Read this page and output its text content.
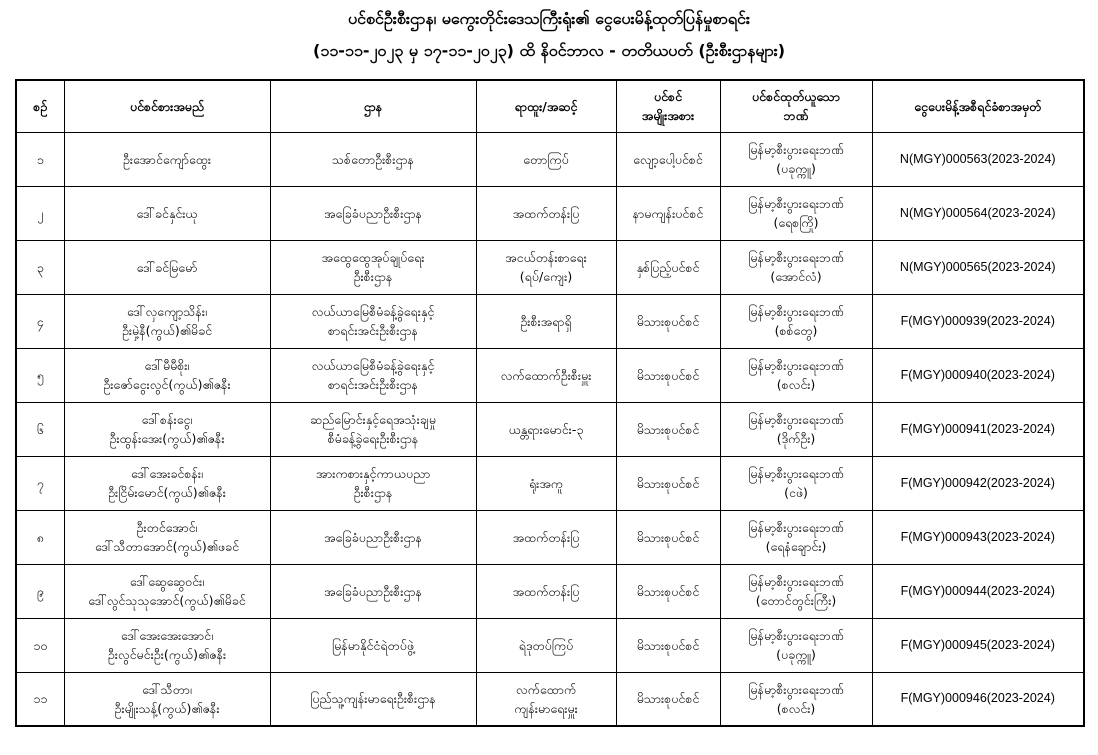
ပင်စင်ဦးစီးဌာန၊ မကွေးတိုင်းဒေသကြီးရုံး၏ ငွေပေးမိန့်ထုတ်ပြန်မှုစာရင်း
(၁၁-၁၁-၂၀၂၃ မှ ၁၇-၁၁-၂၀၂၃) ထိ နိဝင်ဘာလ - တတိယပတ် (ဦးစီးဌာနများ)
စဉ်	ပင်စင်စားအမည်	ဌာန	ရာထူး/အဆင့်	ပင်စင်
အမျိုးအစား	ပင်စင်ထုတ်ယူသော
ဘဏ်	ငွေပေးမိန့်အစီရင်ခံစာအမှတ်

၁	ဦးအောင်ကျော်ထွေး	သစ်တောဦးစီးဌာန	တောကြပ်	လျော့ပေါ့ပင်စင်	မြန်မာ့စီးပွားရေးဘဏ်
(ပခုက္ကူ)	N(MGY)000563(2023-2024)

၂	ဒေါ်ခင်နှင်းယု	အခြေခံပညာဦးစီးဌာန	အထက်တန်းပြ	နာမကျန်းပင်စင်	မြန်မာ့စီးပွားရေးဘဏ်
(ရေစကြို)	N(MGY)000564(2023-2024)

၃	ဒေါ်ခင်မြမော်	အထွေထွေအုပ်ချုပ်ရေး
ဦးစီးဌာန	အငယ်တန်းစာရေး
(ရပ်/ကျေး)	နှစ်ပြည့်ပင်စင်	မြန်မာ့စီးပွားရေးဘဏ်
(အောင်လံ)	N(MGY)000565(2023-2024)

၄	ဒေါ်လှကျော့သိန်း၊
ဦးမှဲ့နီ(ကွယ်)၏မိခင်	လယ်ယာမြေစီမံခန့်ခွဲရေးနှင့်
စာရင်းအင်းဦးစီးဌာန	ဦးစီးအရာရှိ	မိသားစုပင်စင်	မြန်မာ့စီးပွားရေးဘဏ်
(စစ်တွေ)	F(MGY)000939(2023-2024)

၅	ဒေါ်မီမီစိုး၊
ဦးဇော်ငွေးလွင်(ကွယ်)၏ဇနီး	လယ်ယာမြေစီမံခန့်ခွဲရေးနှင့်
စာရင်းအင်းဦးစီးဌာန	လက်ထောက်ဦးစီးမှူး	မိသားစုပင်စင်	မြန်မာ့စီးပွားရေးဘဏ်
(စလင်း)	F(MGY)000940(2023-2024)

၆	ဒေါ်စန်းငွေ၊
ဦးထွန်းအေး(ကွယ်)၏ဇနီး	ဆည်မြောင်းနှင့်ရေအသုံးချမှု
စီမံခန့်ခွဲရေးဦးစီးဌာန	ယန္တရားမောင်း-၃	မိသားစုပင်စင်	မြန်မာ့စီးပွားရေးဘဏ်
(ဒိုက်ဦး)	F(MGY)000941(2023-2024)

၇	ဒေါ်အေးခင်စန်း၊
ဦးငြိမ်းမောင်(ကွယ်)၏ဇနီး	အားကစားနှင့်ကာယပညာ
ဦးစီးဌာန	ရုံးအကူ	မိသားစုပင်စင်	မြန်မာ့စီးပွားရေးဘဏ်
(ငဖဲ)	F(MGY)000942(2023-2024)

၈	ဦးတင်အောင်၊
ဒေါ်သီတာအောင်(ကွယ်)၏ဖခင်	အခြေခံပညာဦးစီးဌာန	အထက်တန်းပြ	မိသားစုပင်စင်	မြန်မာ့စီးပွားရေးဘဏ်
(ရေနံချောင်း)	F(MGY)000943(2023-2024)

၉	ဒေါ်ဆွေဆွေဝင်း၊
ဒေါ်လွင်သုသုအောင်(ကွယ်)၏မိခင်	အခြေခံပညာဦးစီးဌာန	အထက်တန်းပြ	မိသားစုပင်စင်	မြန်မာ့စီးပွားရေးဘဏ်
(တောင်တွင်းကြီး)	F(MGY)000944(2023-2024)

၁၀	ဒေါ်အေးအေးအောင်၊
ဦးလွင်မင်းဦး(ကွယ်)၏ဇနီး	မြန်မာနိုင်ငံရဲတပ်ဖွဲ့	ရဲဒုတပ်ကြပ်	မိသားစုပင်စင်	မြန်မာ့စီးပွားရေးဘဏ်
(ပခုက္ကူ)	F(MGY)000945(2023-2024)

၁၁	ဒေါ်သီတာ၊
ဦးမျိုးသန့်(ကွယ်)၏ဇနီး	ပြည်သူ့ကျန်းမာရေးဦးစီးဌာန	လက်ထောက်
ကျန်းမာရေးမှူး	မိသားစုပင်စင်	မြန်မာ့စီးပွားရေးဘဏ်
(စလင်း)	F(MGY)000946(2023-2024)
